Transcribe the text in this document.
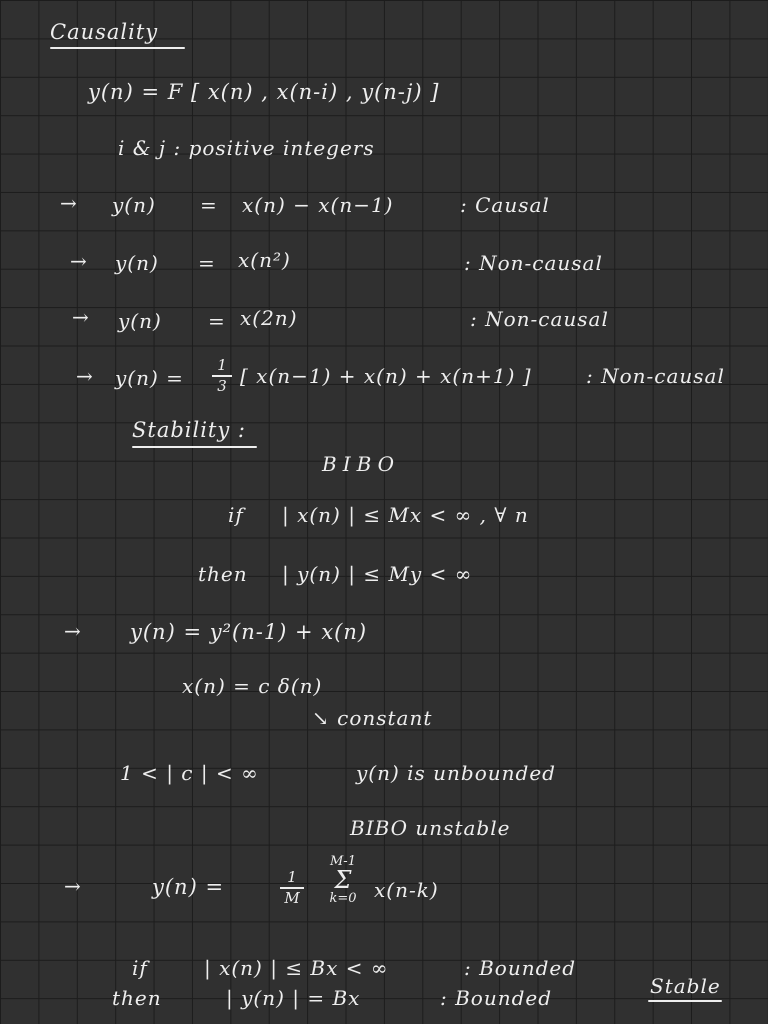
Causality
y(n) = F [ x(n) , x(n-i) , y(n-j) ]
i & j : positive integers
→ y(n) = x(n) − x(n−1)	: Causal
→ y(n) = x(n²)	: Non-causal
→ y(n) = x(2n)	: Non-causal
→ y(n) =
1
3 [ x(n−1) + x(n) + x(n+1) ]	: Non-causal
Stability :
BIBO
if | x(n) | ≤ Mx < ∞ , ∀ n
then | y(n) | ≤ My < ∞
→ y(n) = y²(n-1) + x(n)
x(n) = c δ(n)
↘ constant
1 < | c | < ∞	y(n) is unbounded
BIBO unstable
→	y(n) =	1
M
M-1
Σ
k=0 x(n-k)
if	| x(n) | ≤ Bx < ∞	: Bounded
then	| y(n) | = Bx	: Bounded	Stable
